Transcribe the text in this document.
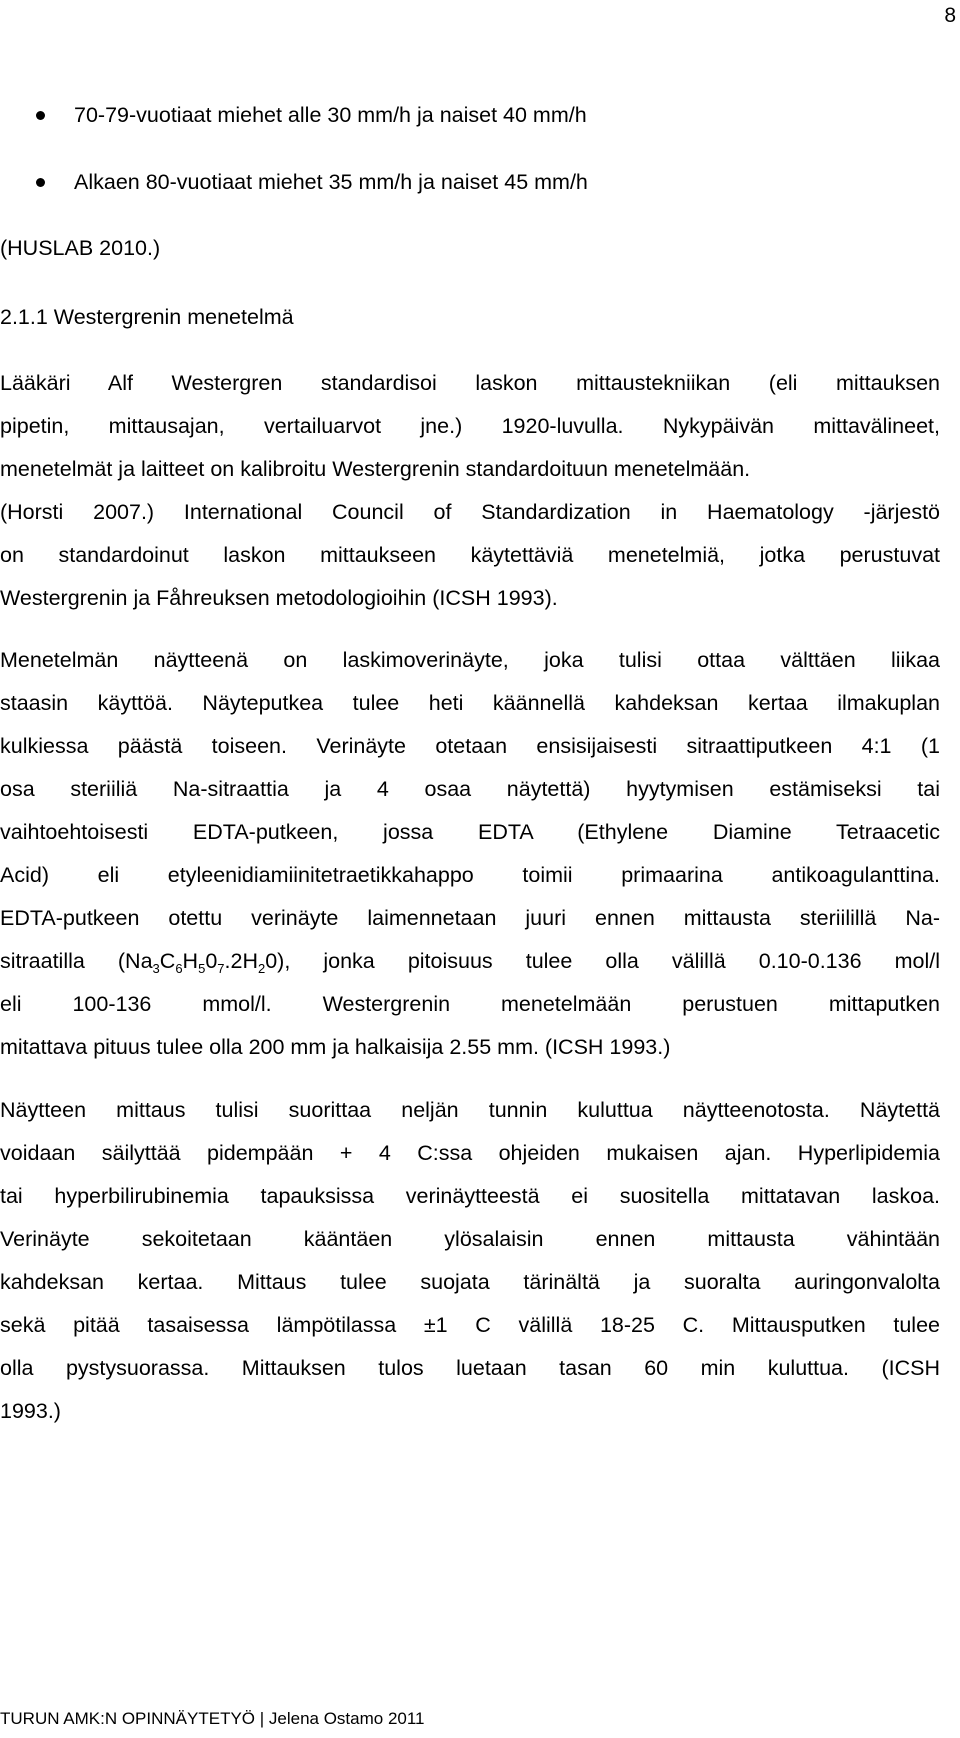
8
70-79-vuotiaat miehet alle 30 mm/h ja naiset 40 mm/h
Alkaen 80-vuotiaat miehet 35 mm/h ja naiset 45 mm/h
(HUSLAB 2010.)
2.1.1 Westergrenin menetelmä
Lääkäri Alf Westergren standardisoi laskon mittaustekniikan (eli mittauksen
pipetin, mittausajan, vertailuarvot jne.) 1920-luvulla. Nykypäivän mittavälineet,
menetelmät ja laitteet on kalibroitu Westergrenin standardoituun menetelmään.
(Horsti 2007.) International Council of Standardization in Haematology -järjestö
on standardoinut laskon mittaukseen käytettäviä menetelmiä, jotka perustuvat
Westergrenin ja Fåhreuksen metodologioihin (ICSH 1993).
Menetelmän näytteenä on laskimoverinäyte, joka tulisi ottaa välttäen liikaa
staasin käyttöä. Näyteputkea tulee heti käännellä kahdeksan kertaa ilmakuplan
kulkiessa päästä toiseen. Verinäyte otetaan ensisijaisesti sitraattiputkeen 4:1 (1
osa steriiliä Na-sitraattia ja 4 osaa näytettä) hyytymisen estämiseksi tai
vaihtoehtoisesti EDTA-putkeen, jossa EDTA (Ethylene Diamine Tetraacetic
Acid) eli etyleenidiamiinitetraetikkahappo toimii primaarina antikoagulanttina.
EDTA-putkeen otettu verinäyte laimennetaan juuri ennen mittausta steriilillä Na-
sitraatilla $(Na_3C_6H_50_7.2H_20)$, jonka pitoisuus tulee olla välillä 0.10-0.136 mol/l
eli 100-136 mmol/l. Westergrenin menetelmään perustuen mittaputken
mitattava pituus tulee olla 200 mm ja halkaisija 2.55 mm. (ICSH 1993.)
Näytteen mittaus tulisi suorittaa neljän tunnin kuluttua näytteenotosta. Näytettä
voidaan säilyttää pidempään + 4 C:ssa ohjeiden mukaisen ajan. Hyperlipidemia
tai hyperbilirubinemia tapauksissa verinäytteestä ei suositella mittatavan laskoa.
Verinäyte sekoitetaan kääntäen ylösalaisin ennen mittausta vähintään
kahdeksan kertaa. Mittaus tulee suojata tärinältä ja suoralta auringonvalolta
sekä pitää tasaisessa lämpötilassa ±1 C välillä 18-25 C. Mittausputken tulee
olla pystysuorassa. Mittauksen tulos luetaan tasan 60 min kuluttua. (ICSH
1993.)
TURUN AMK:N OPINNÄYTETYÖ | Jelena Ostamo 2011
